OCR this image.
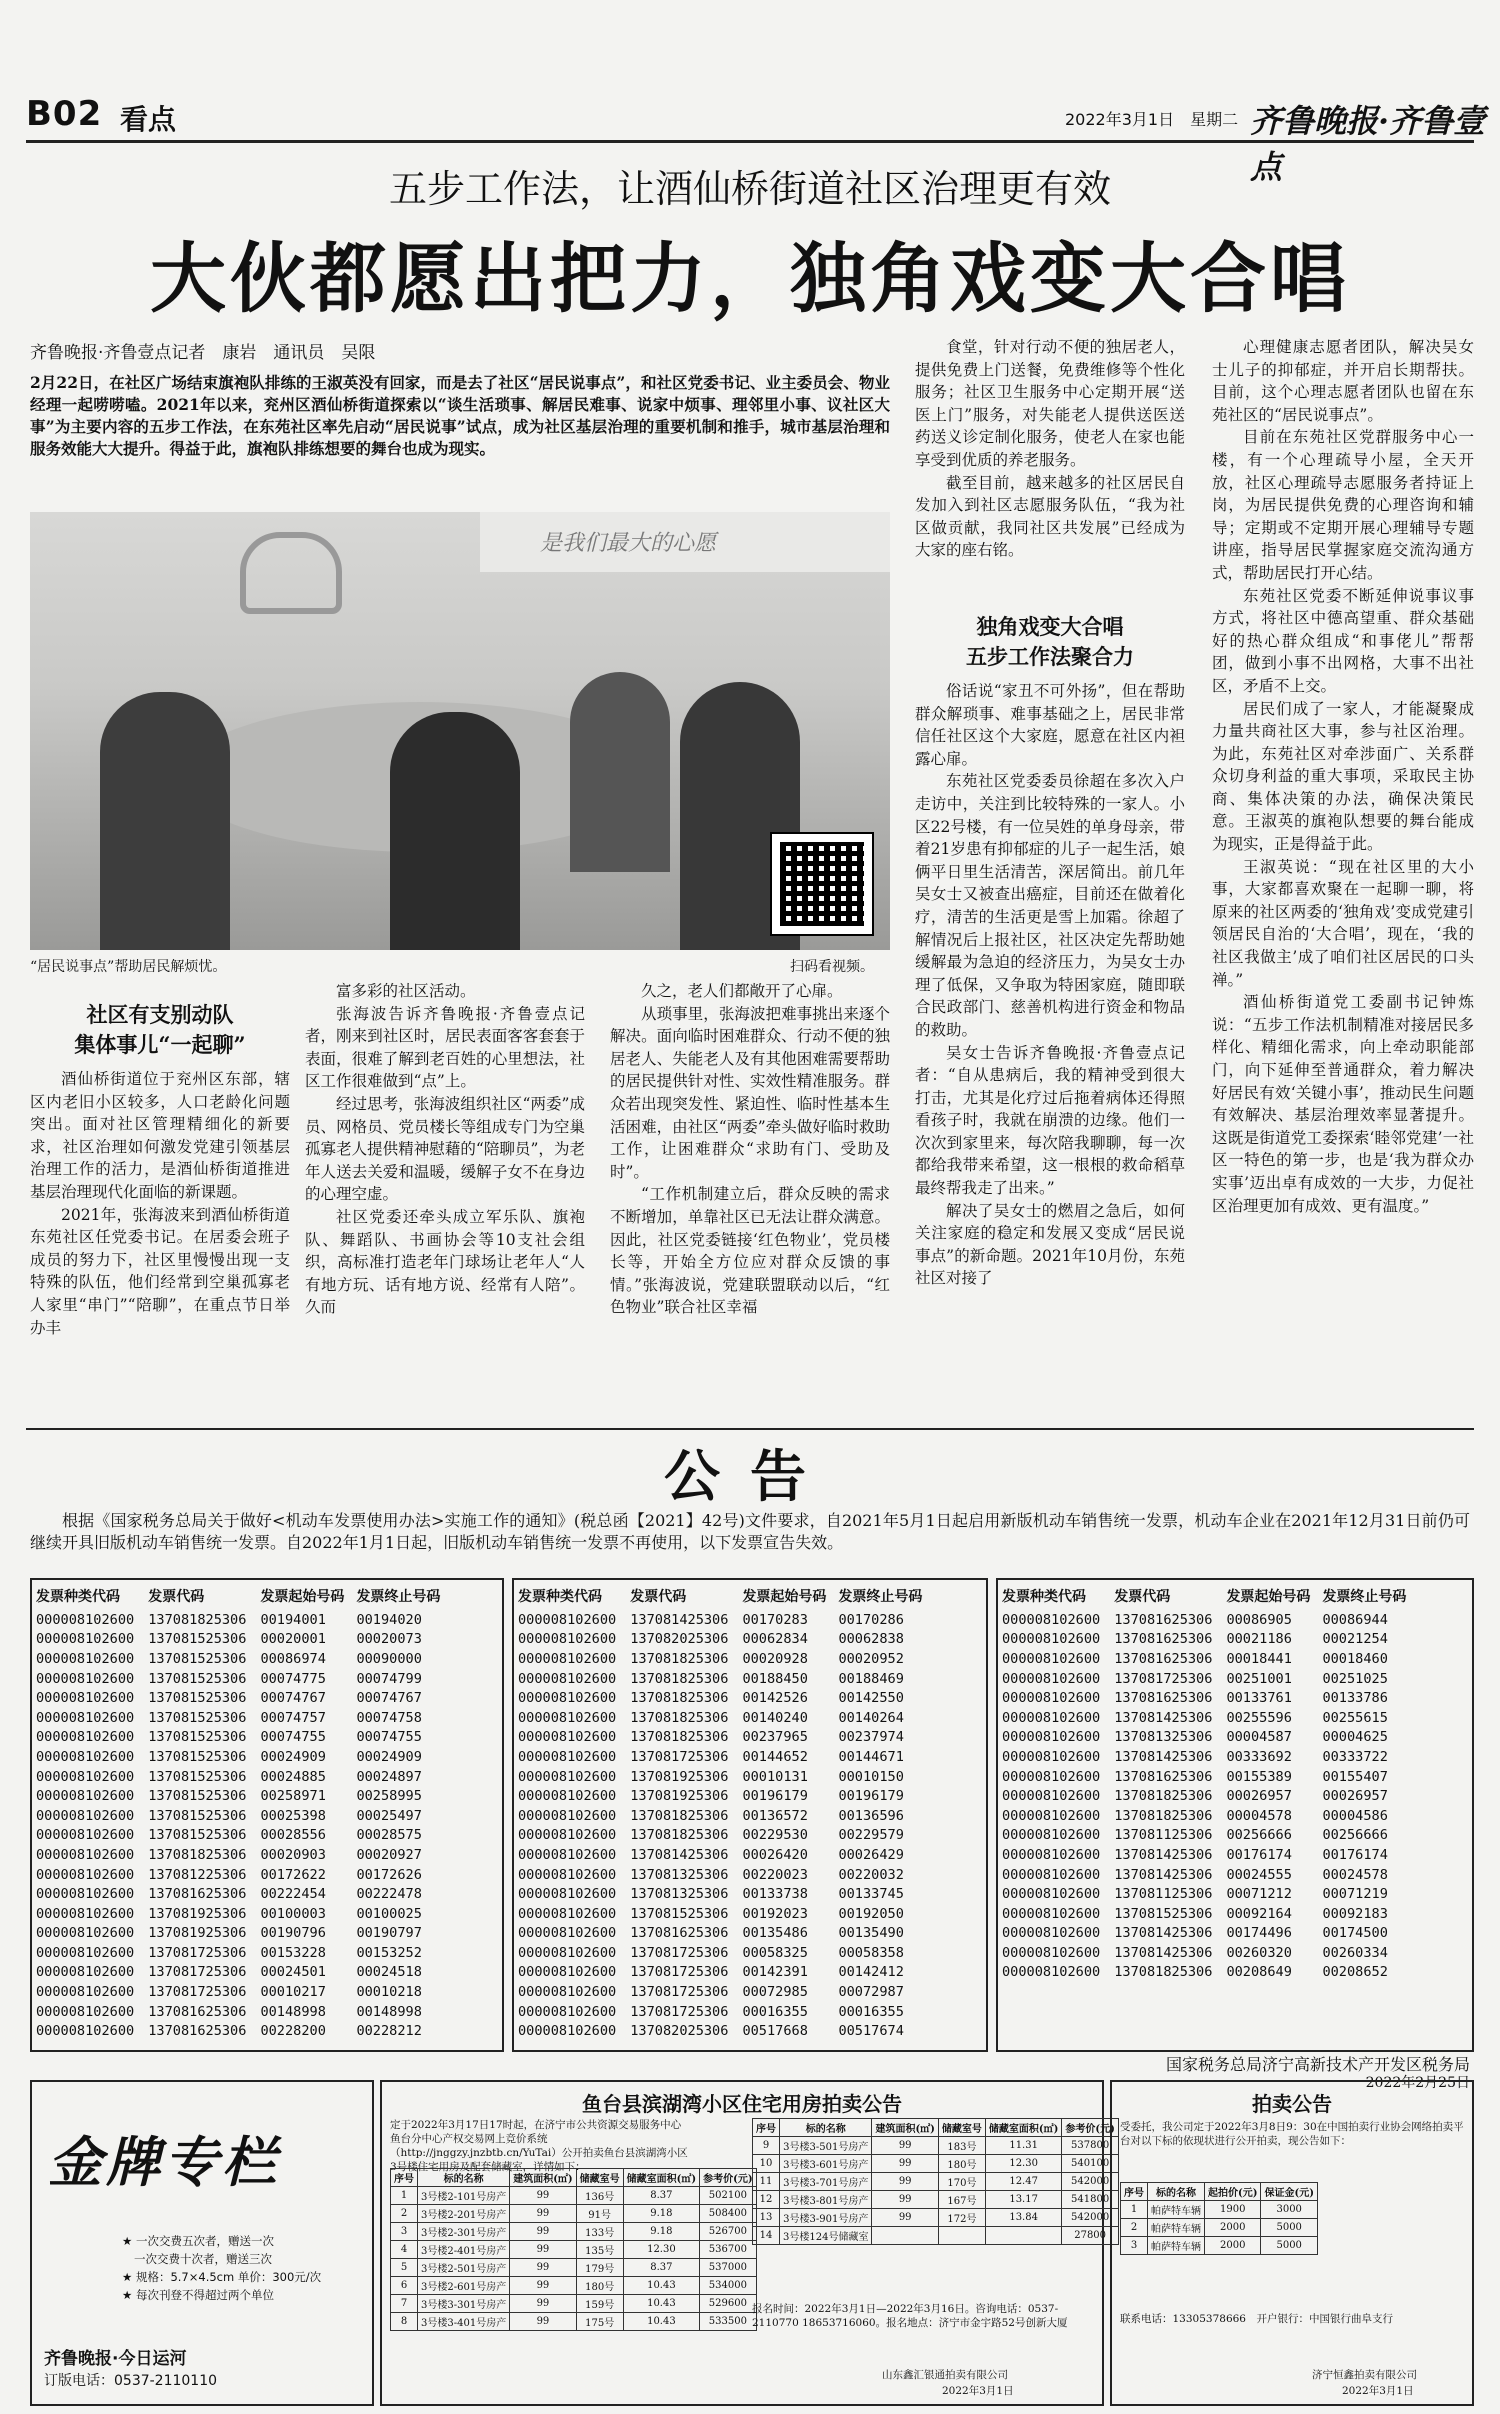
B02 看点	2022年3月1日　星期二 齐鲁晚报·齐鲁壹点
五步工作法，让酒仙桥街道社区治理更有效
大伙都愿出把力，独角戏变大合唱
齐鲁晚报·齐鲁壹点记者　康岩　通讯员　吴限
2月22日，在社区广场结束旗袍队排练的王淑英没有回家，而是去了社区“居民说事点”，和社区党委书记、业主委员会、物业经理一起唠唠嗑。2021年以来，兖州区酒仙桥街道探索以“谈生活琐事、解居民难事、说家中烦事、理邻里小事、议社区大事”为主要内容的五步工作法，在东苑社区率先启动“居民说事”试点，成为社区基层治理的重要机制和推手，城市基层治理和服务效能大大提升。得益于此，旗袍队排练想要的舞台也成为现实。
是我们最大的心愿
“居民说事点”帮助居民解烦忧。	扫码看视频。
社区有支别动队
集体事儿“一起聊”

酒仙桥街道位于兖州区东部，辖区内老旧小区较多，人口老龄化问题突出。面对社区管理精细化的新要求，社区治理如何激发党建引领基层治理工作的活力，是酒仙桥街道推进基层治理现代化面临的新课题。

2021年，张海波来到酒仙桥街道东苑社区任党委书记。在居委会班子成员的努力下，社区里慢慢出现一支特殊的队伍，他们经常到空巢孤寡老人家里“串门”“陪聊”，在重点节日举办丰

富多彩的社区活动。

张海波告诉齐鲁晚报·齐鲁壹点记者，刚来到社区时，居民表面客客套套于表面，很难了解到老百姓的心里想法，社区工作很难做到“点”上。

经过思考，张海波组织社区“两委”成员、网格员、党员楼长等组成专门为空巢孤寡老人提供精神慰藉的“陪聊员”，为老年人送去关爱和温暖，缓解子女不在身边的心理空虚。

社区党委还牵头成立军乐队、旗袍队、舞蹈队、书画协会等10支社会组织，高标准打造老年门球场让老年人“人有地方玩、话有地方说、经常有人陪”。久而

久之，老人们都敞开了心扉。

从琐事里，张海波把难事挑出来逐个解决。面向临时困难群众、行动不便的独居老人、失能老人及有其他困难需要帮助的居民提供针对性、实效性精准服务。群众若出现突发性、紧迫性、临时性基本生活困难，由社区“两委”牵头做好临时救助工作，让困难群众“求助有门、受助及时”。

“工作机制建立后，群众反映的需求不断增加，单靠社区已无法让群众满意。因此，社区党委链接‘红色物业’，党员楼长等，开始全方位应对群众反馈的事情。”张海波说，党建联盟联动以后，“红色物业”联合社区幸福

食堂，针对行动不便的独居老人，提供免费上门送餐，免费维修等个性化服务；社区卫生服务中心定期开展“送医上门”服务，对失能老人提供送医送药送义诊定制化服务，使老人在家也能享受到优质的养老服务。

截至目前，越来越多的社区居民自发加入到社区志愿服务队伍，“我为社区做贡献，我同社区共发展”已经成为大家的座右铭。

独角戏变大合唱
五步工作法聚合力

俗话说“家丑不可外扬”，但在帮助群众解琐事、难事基础之上，居民非常信任社区这个大家庭，愿意在社区内袒露心扉。

东苑社区党委委员徐超在多次入户走访中，关注到比较特殊的一家人。小区22号楼，有一位吴姓的单身母亲，带着21岁患有抑郁症的儿子一起生活，娘俩平日里生活清苦，深居简出。前几年吴女士又被查出癌症，目前还在做着化疗，清苦的生活更是雪上加霜。徐超了解情况后上报社区，社区决定先帮助她缓解最为急迫的经济压力，为吴女士办理了低保，又争取为特困家庭，随即联合民政部门、慈善机构进行资金和物品的救助。

吴女士告诉齐鲁晚报·齐鲁壹点记者：“自从患病后，我的精神受到很大打击，尤其是化疗过后拖着病体还得照看孩子时，我就在崩溃的边缘。他们一次次到家里来，每次陪我聊聊，每一次都给我带来希望，这一根根的救命稻草最终帮我走了出来。”

解决了吴女士的燃眉之急后，如何关注家庭的稳定和发展又变成“居民说事点”的新命题。2021年10月份，东苑社区对接了

心理健康志愿者团队，解决吴女士儿子的抑郁症，并开启长期帮扶。目前，这个心理志愿者团队也留在东苑社区的“居民说事点”。

目前在东苑社区党群服务中心一楼，有一个心理疏导小屋，全天开放，社区心理疏导志愿服务者持证上岗，为居民提供免费的心理咨询和辅导；定期或不定期开展心理辅导专题讲座，指导居民掌握家庭交流沟通方式，帮助居民打开心结。

东苑社区党委不断延伸说事议事方式，将社区中德高望重、群众基础好的热心群众组成“和事佬儿”帮帮团，做到小事不出网格，大事不出社区，矛盾不上交。

居民们成了一家人，才能凝聚成力量共商社区大事，参与社区治理。为此，东苑社区对牵涉面广、关系群众切身利益的重大事项，采取民主协商、集体决策的办法，确保决策民意。王淑英的旗袍队想要的舞台能成为现实，正是得益于此。

王淑英说：“现在社区里的大小事，大家都喜欢聚在一起聊一聊，将原来的社区两委的‘独角戏’变成党建引领居民自治的‘大合唱’，现在，‘我的社区我做主’成了咱们社区居民的口头禅。”

酒仙桥街道党工委副书记钟炼说：“五步工作法机制精准对接居民多样化、精细化需求，向上牵动职能部门，向下延伸至普通群众，着力解决好居民有效‘关键小事’，推动民生问题有效解决、基层治理效率显著提升。这既是街道党工委探索‘睦邻党建’一社区一特色的第一步，也是‘我为群众办实事’迈出卓有成效的一大步，力促社区治理更加有成效、更有温度。”

公告
根据《国家税务总局关于做好<机动车发票使用办法>实施工作的通知》(税总函【2021】42号)文件要求，自2021年5月1日起启用新版机动车销售统一发票，机动车企业在2021年12月31日前仍可继续开具旧版机动车销售统一发票。自2022年1月1日起，旧版机动车销售统一发票不再使用，以下发票宣告失效。
发票种类代码	发票代码	发票起始号码	发票终止号码
000008102600	137081825306	00194001	00194020
000008102600	137081525306	00020001	00020073
000008102600	137081525306	00086974	00090000
000008102600	137081525306	00074775	00074799
000008102600	137081525306	00074767	00074767
000008102600	137081525306	00074757	00074758
000008102600	137081525306	00074755	00074755
000008102600	137081525306	00024909	00024909
000008102600	137081525306	00024885	00024897
000008102600	137081525306	00258971	00258995
000008102600	137081525306	00025398	00025497
000008102600	137081525306	00028556	00028575
000008102600	137081825306	00020903	00020927
000008102600	137081225306	00172622	00172626
000008102600	137081625306	00222454	00222478
000008102600	137081925306	00100003	00100025
000008102600	137081925306	00190796	00190797
000008102600	137081725306	00153228	00153252
000008102600	137081725306	00024501	00024518
000008102600	137081725306	00010217	00010218
000008102600	137081625306	00148998	00148998
000008102600	137081625306	00228200	00228212
发票种类代码	发票代码	发票起始号码	发票终止号码
000008102600	137081425306	00170283	00170286
000008102600	137082025306	00062834	00062838
000008102600	137081825306	00020928	00020952
000008102600	137081825306	00188450	00188469
000008102600	137081825306	00142526	00142550
000008102600	137081825306	00140240	00140264
000008102600	137081825306	00237965	00237974
000008102600	137081725306	00144652	00144671
000008102600	137081925306	00010131	00010150
000008102600	137081925306	00196179	00196179
000008102600	137081825306	00136572	00136596
000008102600	137081825306	00229530	00229579
000008102600	137081425306	00026420	00026429
000008102600	137081325306	00220023	00220032
000008102600	137081325306	00133738	00133745
000008102600	137081525306	00192023	00192050
000008102600	137081625306	00135486	00135490
000008102600	137081725306	00058325	00058358
000008102600	137081725306	00142391	00142412
000008102600	137081725306	00072985	00072987
000008102600	137081725306	00016355	00016355
000008102600	137082025306	00517668	00517674
发票种类代码	发票代码	发票起始号码	发票终止号码
000008102600	137081625306	00086905	00086944
000008102600	137081625306	00021186	00021254
000008102600	137081625306	00018441	00018460
000008102600	137081725306	00251001	00251025
000008102600	137081625306	00133761	00133786
000008102600	137081425306	00255596	00255615
000008102600	137081325306	00004587	00004625
000008102600	137081425306	00333692	00333722
000008102600	137081625306	00155389	00155407
000008102600	137081825306	00026957	00026957
000008102600	137081825306	00004578	00004586
000008102600	137081125306	00256666	00256666
000008102600	137081425306	00176174	00176174
000008102600	137081425306	00024555	00024578
000008102600	137081125306	00071212	00071219
000008102600	137081525306	00092164	00092183
000008102600	137081425306	00174496	00174500
000008102600	137081425306	00260320	00260334
000008102600	137081825306	00208649	00208652
国家税务总局济宁高新技术产开发区税务局
2022年2月25日
金牌专栏
★ 一次交费五次者，赠送一次
一次交费十次者，赠送三次
★ 规格：5.7×4.5cm 单价：300元/次
★ 每次刊登不得超过两个单位
齐鲁晚报·今日运河
订版电话：0537-2110110
鱼台县滨湖湾小区住宅用房拍卖公告
定于2022年3月17日17时起，在济宁市公共资源交易服务中心鱼台分中心产权交易网上竞价系统（http://jnggzy.jnzbtb.cn/YuTai）公开拍卖鱼台县滨湖湾小区3号楼住宅用房及配套储藏室，详情如下：
序号	标的名称	建筑面积(㎡)	储藏室号	储藏室面积(㎡)	参考价(元)
1	3号楼2-101号房产	99	136号	8.37	502100
2	3号楼2-201号房产	99	91号	9.18	508400
3	3号楼2-301号房产	99	133号	9.18	526700
4	3号楼2-401号房产	99	135号	12.30	536700
5	3号楼2-501号房产	99	179号	8.37	537000
6	3号楼2-601号房产	99	180号	10.43	534000
7	3号楼3-301号房产	99	159号	10.43	529600
8	3号楼3-401号房产	99	175号	10.43	533500
序号	标的名称	建筑面积(㎡)	储藏室号	储藏室面积(㎡)	参考价(元)
9	3号楼3-501号房产	99	183号	11.31	537800
10	3号楼3-601号房产	99	180号	12.30	540100
11	3号楼3-701号房产	99	170号	12.47	542000
12	3号楼3-801号房产	99	167号	13.17	541800
13	3号楼3-901号房产	99	172号	13.84	542000
14	3号楼124号储藏室				27800
报名时间：2022年3月1日—2022年3月16日。咨询电话：0537-2110770 18653716060。报名地点：济宁市金宇路52号创新大厦
山东鑫汇银通拍卖有限公司
2022年3月1日
拍卖公告
受委托，我公司定于2022年3月8日9：30在中国拍卖行业协会网络拍卖平台对以下标的依现状进行公开拍卖，现公告如下：
序号	标的名称	起拍价(元)	保证金(元)
1	帕萨特车辆	1900	3000
2	帕萨特车辆	2000	5000
3	帕萨特车辆	2000	5000
联系电话：13305378666　开户银行：中国银行曲阜支行
济宁恒鑫拍卖有限公司
2022年3月1日
